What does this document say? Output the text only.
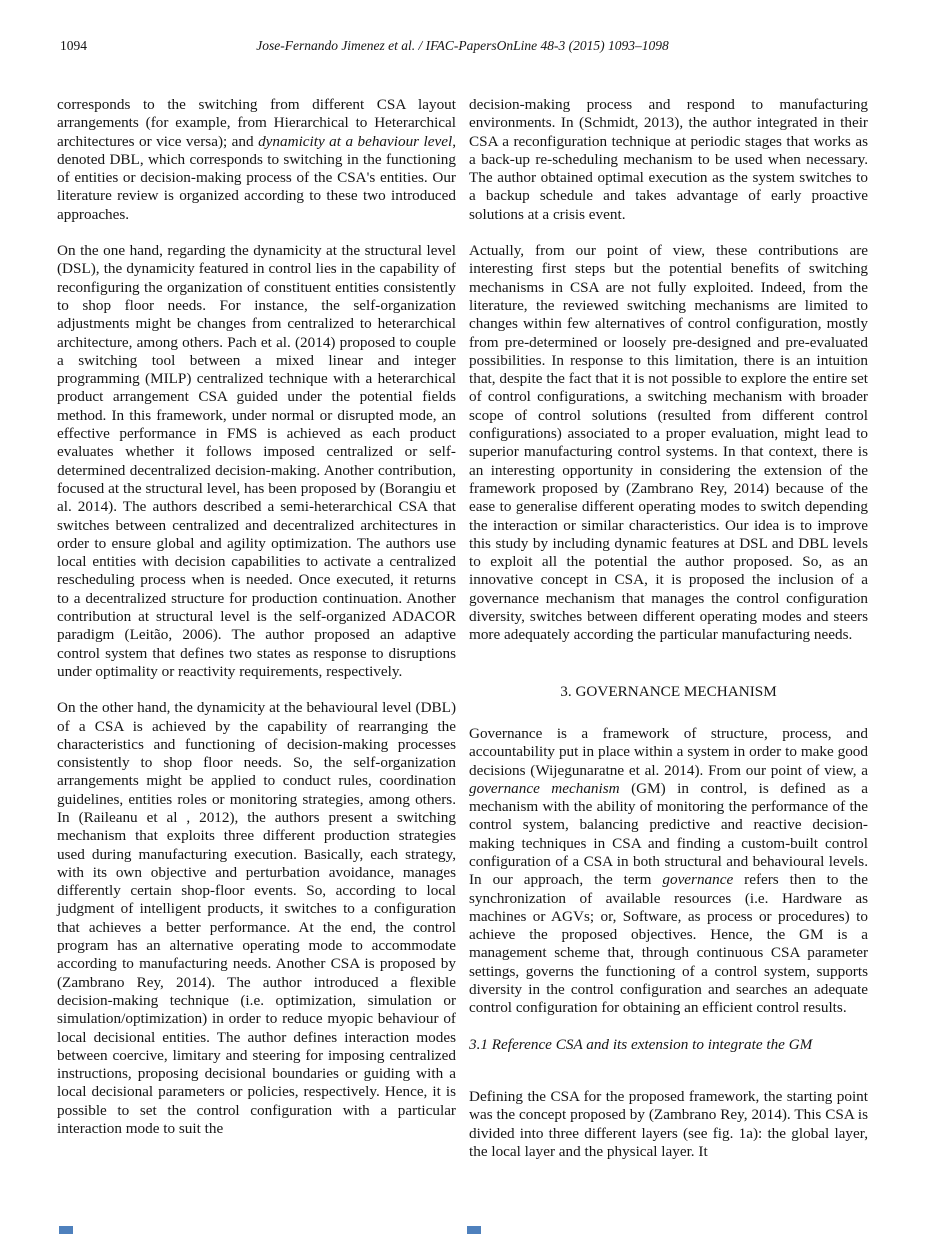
1094	Jose-Fernando Jimenez et al. / IFAC-PapersOnLine 48-3 (2015) 1093–1098

corresponds to the switching from different CSA layout arrangements (for example, from Hierarchical to Heterarchical architectures or vice versa); and dynamicity at a behaviour level, denoted DBL, which corresponds to switching in the functioning of entities or decision-making process of the CSA's entities. Our literature review is organized according to these two introduced approaches.

On the one hand, regarding the dynamicity at the structural level (DSL), the dynamicity featured in control lies in the capability of reconfiguring the organization of constituent entities consistently to shop floor needs. For instance, the self-organization adjustments might be changes from centralized to heterarchical architecture, among others. Pach et al. (2014) proposed to couple a switching tool between a mixed linear and integer programming (MILP) centralized technique with a heterarchical product arrangement CSA guided under the potential fields method. In this framework, under normal or disrupted mode, an effective performance in FMS is achieved as each product evaluates whether it follows imposed centralized or self-determined decentralized decision-making. Another contribution, focused at the structural level, has been proposed by (Borangiu et al. 2014). The authors described a semi-heterarchical CSA that switches between centralized and decentralized architectures in order to ensure global and agility optimization. The authors use local entities with decision capabilities to activate a centralized rescheduling process when is needed. Once executed, it returns to a decentralized structure for production continuation. Another contribution at structural level is the self-organized ADACOR paradigm (Leitão, 2006). The author proposed an adaptive control system that defines two states as response to disruptions under optimality or reactivity requirements, respectively.

On the other hand, the dynamicity at the behavioural level (DBL) of a CSA is achieved by the capability of rearranging the characteristics and functioning of decision-making processes consistently to shop floor needs. So, the self-organization arrangements might be applied to conduct rules, coordination guidelines, entities roles or monitoring strategies, among others. In (Raileanu et al , 2012), the authors present a switching mechanism that exploits three different production strategies used during manufacturing execution. Basically, each strategy, with its own objective and perturbation avoidance, manages differently certain shop-floor events. So, according to local judgment of intelligent products, it switches to a configuration that achieves a better performance. At the end, the control program has an alternative operating mode to accommodate according to manufacturing needs. Another CSA is proposed by (Zambrano Rey, 2014). The author introduced a flexible decision-making technique (i.e. optimization, simulation or simulation/optimization) in order to reduce myopic behaviour of local decisional entities. The author defines interaction modes between coercive, limitary and steering for imposing centralized instructions, proposing decisional boundaries or guiding with a local decisional parameters or policies, respectively. Hence, it is possible to set the control configuration with a particular interaction mode to suit the

decision-making process and respond to manufacturing environments. In (Schmidt, 2013), the author integrated in their CSA a reconfiguration technique at periodic stages that works as a back-up re-scheduling mechanism to be used when necessary. The author obtained optimal execution as the system switches to a backup schedule and takes advantage of early proactive solutions at a crisis event.

Actually, from our point of view, these contributions are interesting first steps but the potential benefits of switching mechanisms in CSA are not fully exploited. Indeed, from the literature, the reviewed switching mechanisms are limited to changes within few alternatives of control configuration, mostly from pre-determined or loosely pre-designed and pre-evaluated possibilities. In response to this limitation, there is an intuition that, despite the fact that it is not possible to explore the entire set of control configurations, a switching mechanism with broader scope of control solutions (resulted from different control configurations) associated to a proper evaluation, might lead to superior manufacturing control systems. In that context, there is an interesting opportunity in considering the extension of the framework proposed by (Zambrano Rey, 2014) because of the ease to generalise different operating modes to switch depending the interaction or similar characteristics. Our idea is to improve this study by including dynamic features at DSL and DBL levels to exploit all the potential the author proposed. So, as an innovative concept in CSA, it is proposed the inclusion of a governance mechanism that manages the control configuration diversity, switches between different operating modes and steers more adequately according the particular manufacturing needs.

3. GOVERNANCE MECHANISM

Governance is a framework of structure, process, and accountability put in place within a system in order to make good decisions (Wijegunaratne et al. 2014). From our point of view, a governance mechanism (GM) in control, is defined as a mechanism with the ability of monitoring the performance of the control system, balancing predictive and reactive decision-making techniques in CSA and finding a custom-built control configuration of a CSA in both structural and behavioural levels. In our approach, the term governance refers then to the synchronization of available resources (i.e. Hardware as machines or AGVs; or, Software, as process or procedures) to achieve the proposed objectives. Hence, the GM is a management scheme that, through continuous CSA parameter settings, governs the functioning of a control system, supports diversity in the control configuration and searches an adequate control configuration for obtaining an efficient control results.

3.1 Reference CSA and its extension to integrate the GM

Defining the CSA for the proposed framework, the starting point was the concept proposed by (Zambrano Rey, 2014). This CSA is divided into three different layers (see fig. 1a): the global layer, the local layer and the physical layer. It
